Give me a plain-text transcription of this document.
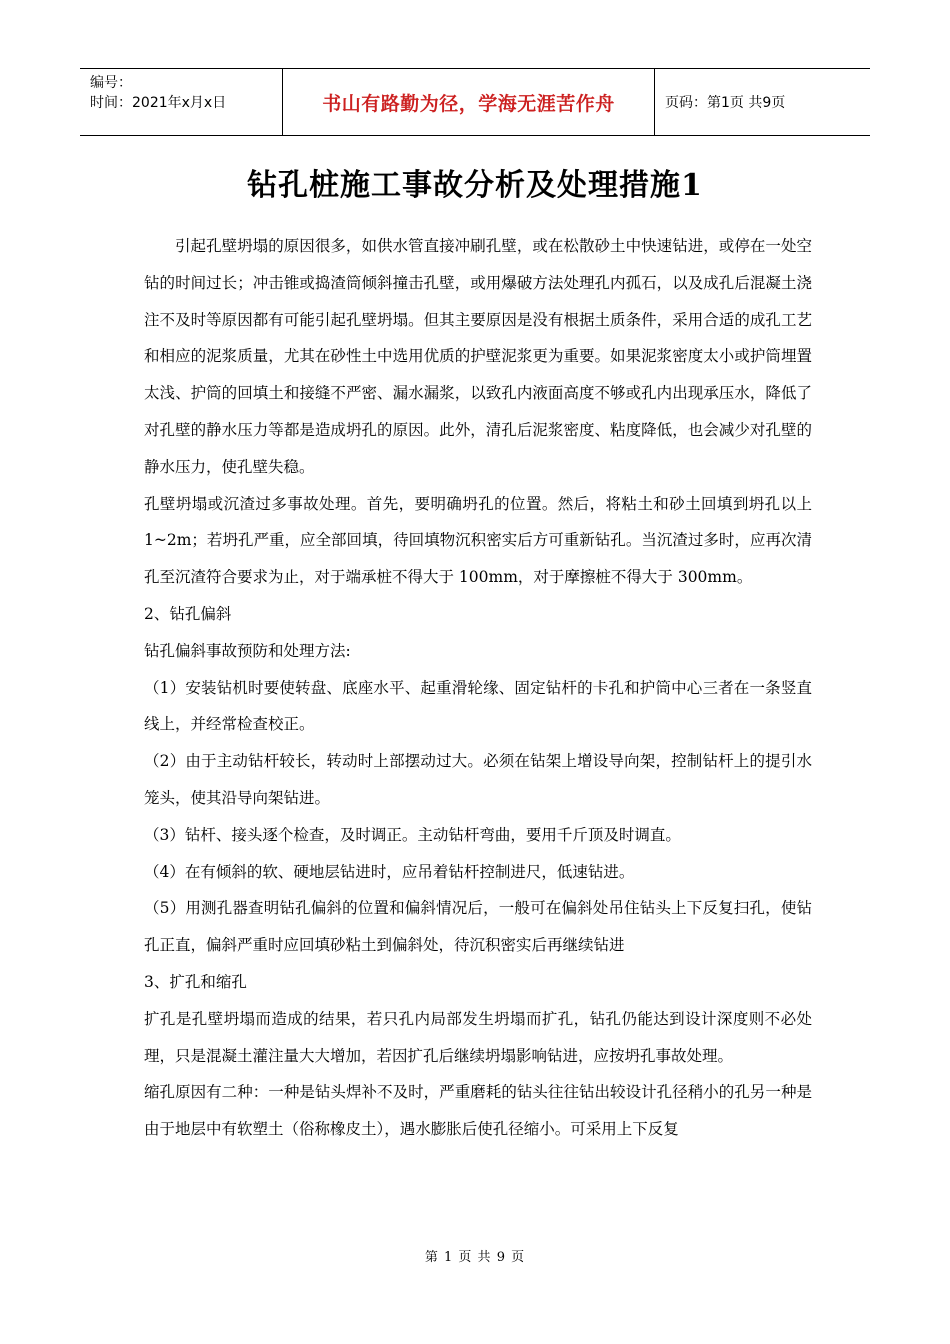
编号：
时间：2021年x月x日	书山有路勤为径，学海无涯苦作舟	页码：第1页 共9页
钻孔桩施工事故分析及处理措施1

引起孔壁坍塌的原因很多，如供水管直接冲刷孔壁，或在松散砂土中快速钻进，或停在一处空钻的时间过长；冲击锥或捣渣筒倾斜撞击孔壁，或用爆破方法处理孔内孤石，以及成孔后混凝土浇注不及时等原因都有可能引起孔壁坍塌。但其主要原因是没有根据土质条件，采用合适的成孔工艺和相应的泥浆质量，尤其在砂性土中选用优质的护壁泥浆更为重要。如果泥浆密度太小或护筒埋置太浅、护筒的回填土和接缝不严密、漏水漏浆，以致孔内液面高度不够或孔内出现承压水，降低了对孔壁的静水压力等都是造成坍孔的原因。此外，清孔后泥浆密度、粘度降低，也会减少对孔壁的静水压力，使孔壁失稳。

孔壁坍塌或沉渣过多事故处理。首先，要明确坍孔的位置。然后，将粘土和砂土回填到坍孔以上 1~2m；若坍孔严重，应全部回填，待回填物沉积密实后方可重新钻孔。当沉渣过多时，应再次清孔至沉渣符合要求为止，对于端承桩不得大于 100mm，对于摩擦桩不得大于 300mm。

2、钻孔偏斜

钻孔偏斜事故预防和处理方法:

（1）安装钻机时要使转盘、底座水平、起重滑轮缘、固定钻杆的卡孔和护筒中心三者在一条竖直线上，并经常检查校正。

（2）由于主动钻杆较长，转动时上部摆动过大。必须在钻架上增设导向架，控制钻杆上的提引水笼头，使其沿导向架钻进。

（3）钻杆、接头逐个检查，及时调正。主动钻杆弯曲，要用千斤顶及时调直。

（4）在有倾斜的软、硬地层钻进时，应吊着钻杆控制进尺，低速钻进。

（5）用测孔器查明钻孔偏斜的位置和偏斜情况后，一般可在偏斜处吊住钻头上下反复扫孔，使钻孔正直，偏斜严重时应回填砂粘土到偏斜处，待沉积密实后再继续钻进

3、扩孔和缩孔

扩孔是孔壁坍塌而造成的结果，若只孔内局部发生坍塌而扩孔，钻孔仍能达到设计深度则不必处理，只是混凝土灌注量大大增加，若因扩孔后继续坍塌影响钻进，应按坍孔事故处理。

缩孔原因有二种：一种是钻头焊补不及时，严重磨耗的钻头往往钻出较设计孔径稍小的孔另一种是由于地层中有软塑土（俗称橡皮土），遇水膨胀后使孔径缩小。可采用上下反复

第 1 页 共 9 页
